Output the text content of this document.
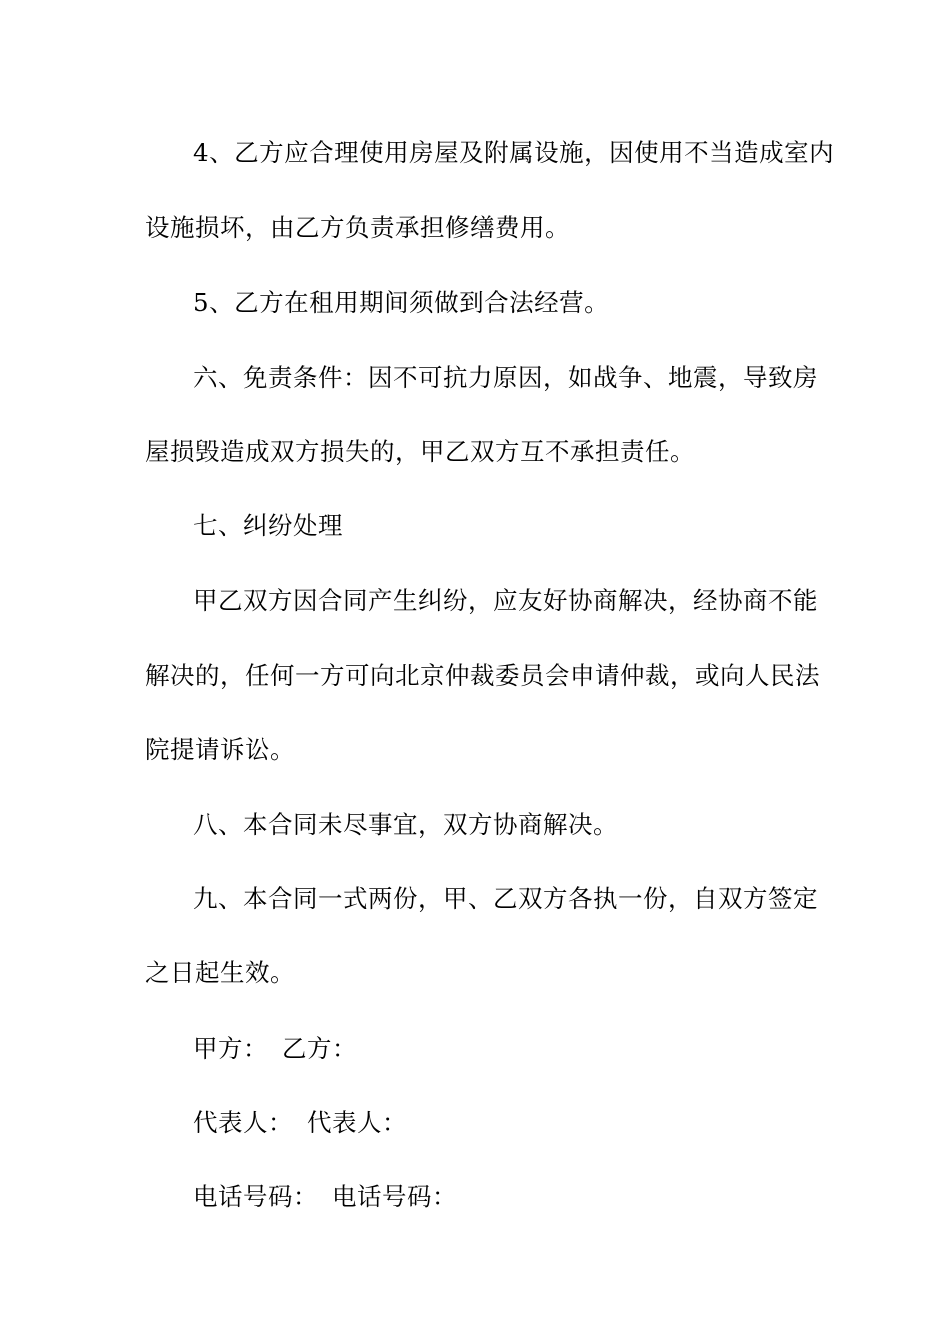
4、乙方应合理使用房屋及附属设施，因使用不当造成室内
设施损坏，由乙方负责承担修缮费用。
5、乙方在租用期间须做到合法经营。
六、免责条件：因不可抗力原因，如战争、地震，导致房
屋损毁造成双方损失的，甲乙双方互不承担责任。
七、纠纷处理
甲乙双方因合同产生纠纷，应友好协商解决，经协商不能
解决的，任何一方可向北京仲裁委员会申请仲裁，或向人民法
院提请诉讼。
八、本合同未尽事宜，双方协商解决。
九、本合同一式两份，甲、乙双方各执一份，自双方签定
之日起生效。
甲方： 乙方：
代表人： 代表人：
电话号码： 电话号码：
